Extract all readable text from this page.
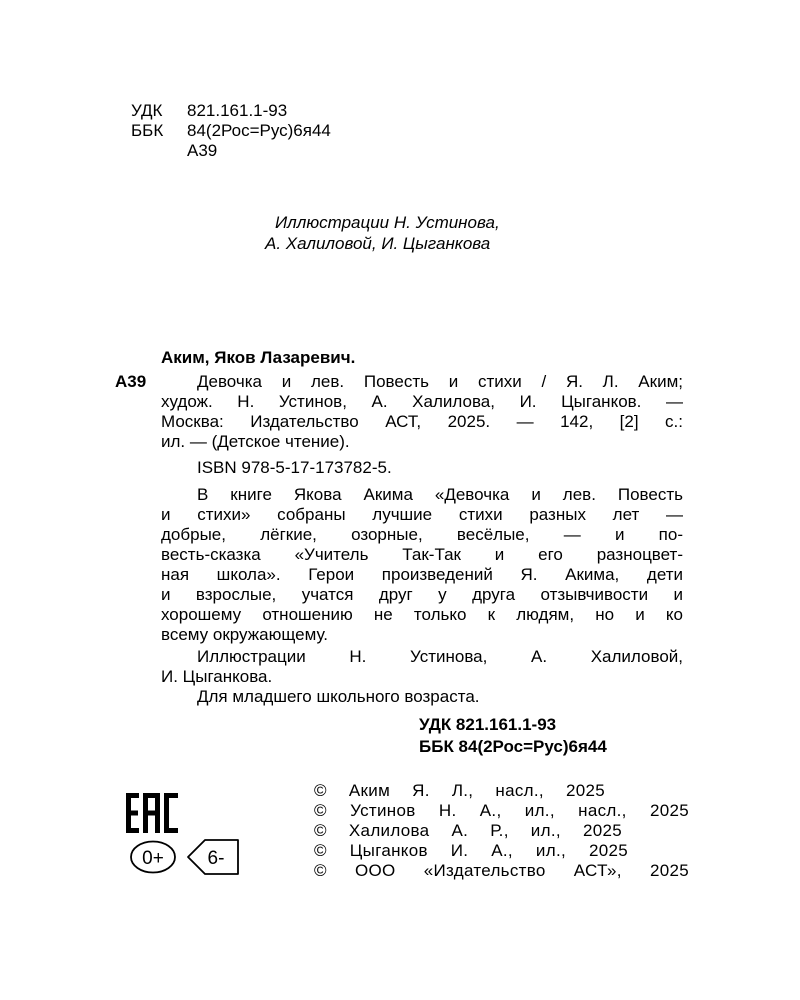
УДК 821.161.1-93
ББК 84(2Рос=Рус)6я44
А39
Иллюстрации Н. Устинова,
А. Халиловой, И. Цыганкова
Аким, Яков Лазаревич.
А39	Девочка и лев. Повесть и стихи / Я. Л. Аким;
худож. Н. Устинов, А. Халилова, И. Цыганков. —
Москва: Издательство АСТ, 2025. — 142, [2] с.:
ил. — (Детское чтение).
ISBN 978-5-17-173782-5.
В книге Якова Акима «Девочка и лев. Повесть
и стихи» собраны лучшие стихи разных лет —
добрые, лёгкие, озорные, весёлые, — и по-
весть-сказка «Учитель Так-Так и его разноцвет-
ная школа». Герои произведений Я. Акима, дети
и взрослые, учатся друг у друга отзывчивости и
хорошему отношению не только к людям, но и ко
всему окружающему.
Иллюстрации Н. Устинова, А. Халиловой,
И. Цыганкова.
Для младшего школьного возраста.
УДК 821.161.1-93
ББК 84(2Рос=Рус)6я44
0+ 6-
© Аким Я. Л., насл., 2025
© Устинов Н. А., ил., насл., 2025
© Халилова А. Р., ил., 2025
© Цыганков И. А., ил., 2025
© ООО «Издательство АСТ», 2025
